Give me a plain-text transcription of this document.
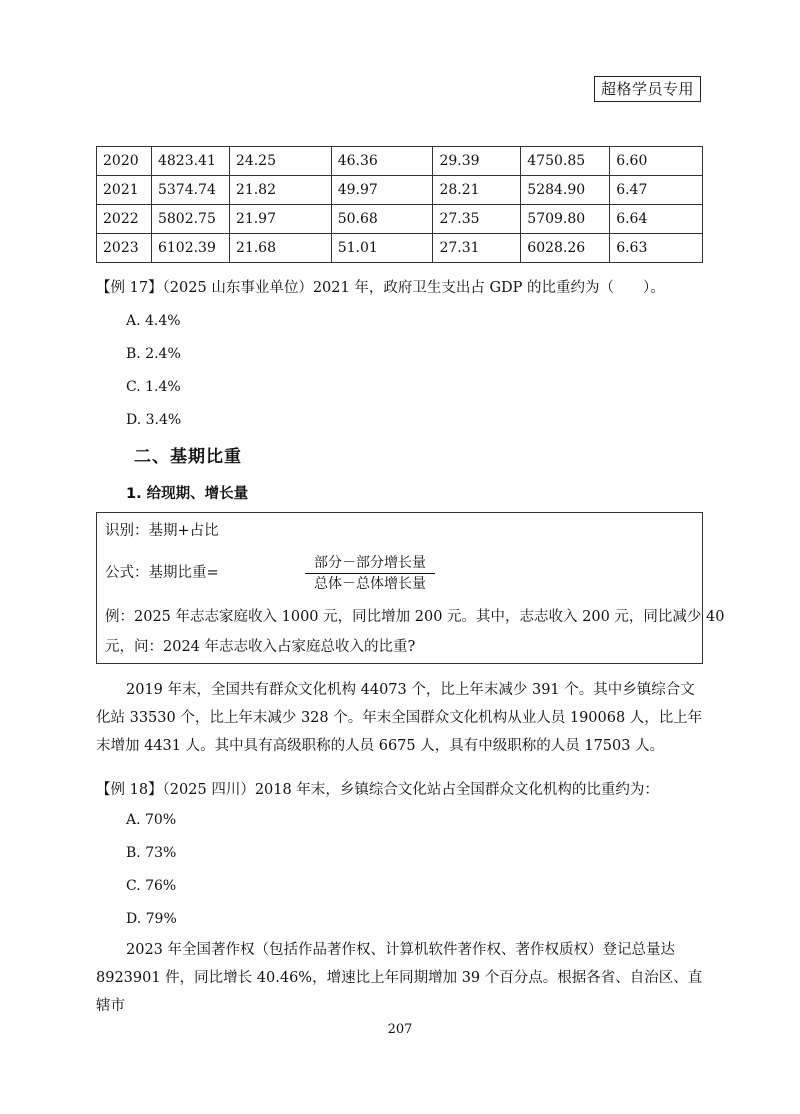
超格学员专用
2020	4823.41	24.25	46.36	29.39	4750.85	6.60
2021	5374.74	21.82	49.97	28.21	5284.90	6.47
2022	5802.75	21.97	50.68	27.35	5709.80	6.64
2023	6102.39	21.68	51.01	27.31	6028.26	6.63
【例 17】（2025 山东事业单位）2021 年，政府卫生支出占 GDP 的比重约为（　　）。
A. 4.4%
B. 2.4%
C. 1.4%
D. 3.4%
二、基期比重
1. 给现期、增长量
识别：基期+占比
公式：基期比重=
部分－部分增长量
总体－总体增长量
例：2025 年志志家庭收入 1000 元，同比增加 200 元。其中，志志收入 200 元，同比减少 40
元，问：2024 年志志收入占家庭总收入的比重?
2019 年末，全国共有群众文化机构 44073 个，比上年末减少 391 个。其中乡镇综合文化站 33530 个，比上年末减少 328 个。年末全国群众文化机构从业人员 190068 人，比上年末增加 4431 人。其中具有高级职称的人员 6675 人，具有中级职称的人员 17503 人。
【例 18】（2025 四川）2018 年末，乡镇综合文化站占全国群众文化机构的比重约为：
A. 70%
B. 73%
C. 76%
D. 79%
2023 年全国著作权（包括作品著作权、计算机软件著作权、著作权质权）登记总量达 8923901 件，同比增长 40.46%，增速比上年同期增加 39 个百分点。根据各省、自治区、直辖市
207
